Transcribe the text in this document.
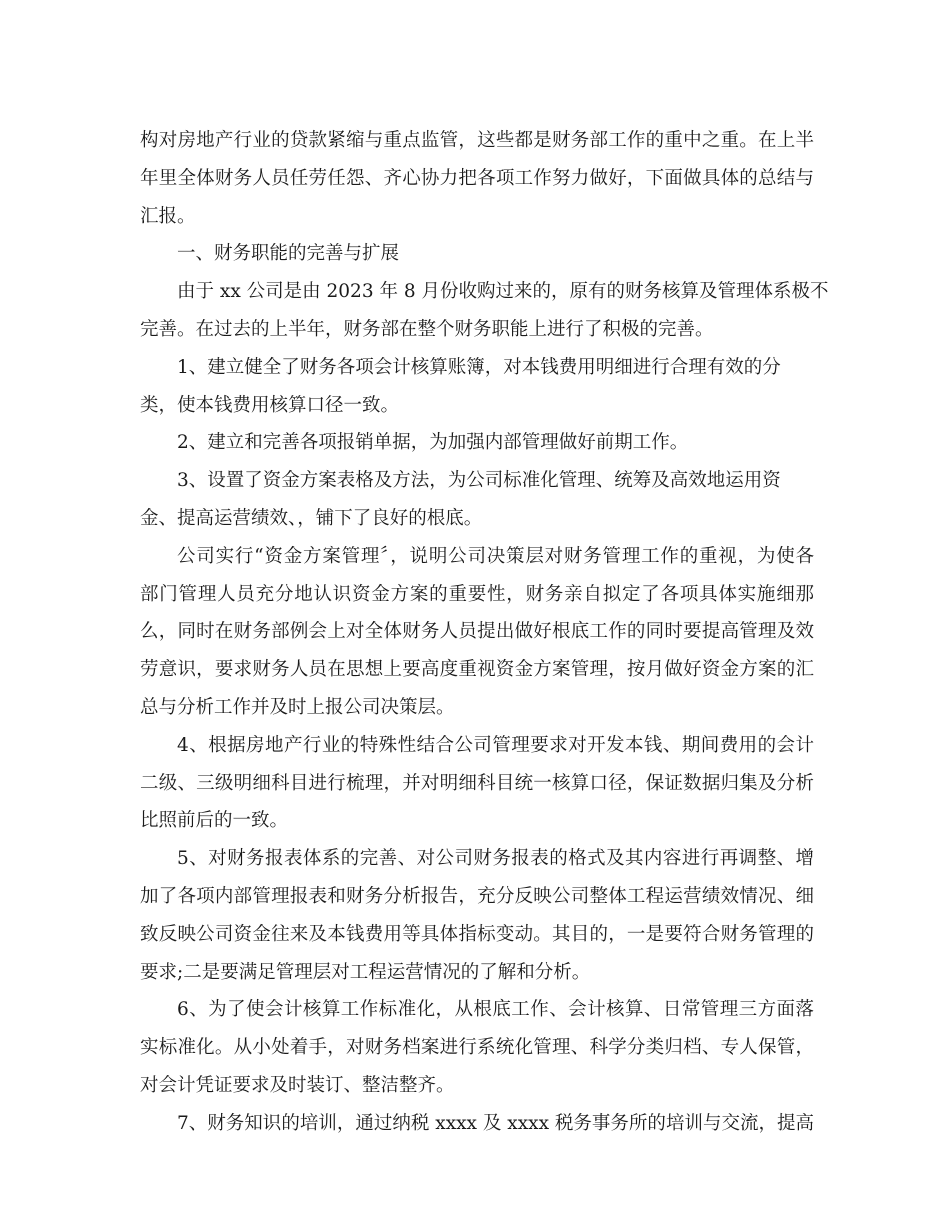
构对房地产行业的贷款紧缩与重点监管，这些都是财务部工作的重中之重。在上半
年里全体财务人员任劳任怨、齐心协力把各项工作努力做好，下面做具体的总结与
汇报。
一、财务职能的完善与扩展
由于 xx 公司是由 2023 年 8 月份收购过来的，原有的财务核算及管理体系极不
完善。在过去的上半年，财务部在整个财务职能上进行了积极的完善。
1、建立健全了财务各项会计核算账簿，对本钱费用明细进行合理有效的分
类，使本钱费用核算口径一致。
2、建立和完善各项报销单据，为加强内部管理做好前期工作。
3、设置了资金方案表格及方法，为公司标准化管理、统筹及高效地运用资
金、提高运营绩效、，铺下了良好的根底。
公司实行“资金方案管理〞，说明公司决策层对财务管理工作的重视，为使各
部门管理人员充分地认识资金方案的重要性，财务亲自拟定了各项具体实施细那
么，同时在财务部例会上对全体财务人员提出做好根底工作的同时要提高管理及效
劳意识，要求财务人员在思想上要高度重视资金方案管理，按月做好资金方案的汇
总与分析工作并及时上报公司决策层。
4、根据房地产行业的特殊性结合公司管理要求对开发本钱、期间费用的会计
二级、三级明细科目进行梳理，并对明细科目统一核算口径，保证数据归集及分析
比照前后的一致。
5、对财务报表体系的完善、对公司财务报表的格式及其内容进行再调整、增
加了各项内部管理报表和财务分析报告，充分反映公司整体工程运营绩效情况、细
致反映公司资金往来及本钱费用等具体指标变动。其目的，一是要符合财务管理的
要求;二是要满足管理层对工程运营情况的了解和分析。
6、为了使会计核算工作标准化，从根底工作、会计核算、日常管理三方面落
实标准化。从小处着手，对财务档案进行系统化管理、科学分类归档、专人保管，
对会计凭证要求及时装订、整洁整齐。
7、财务知识的培训，通过纳税 xxxx 及 xxxx 税务事务所的培训与交流，提高
